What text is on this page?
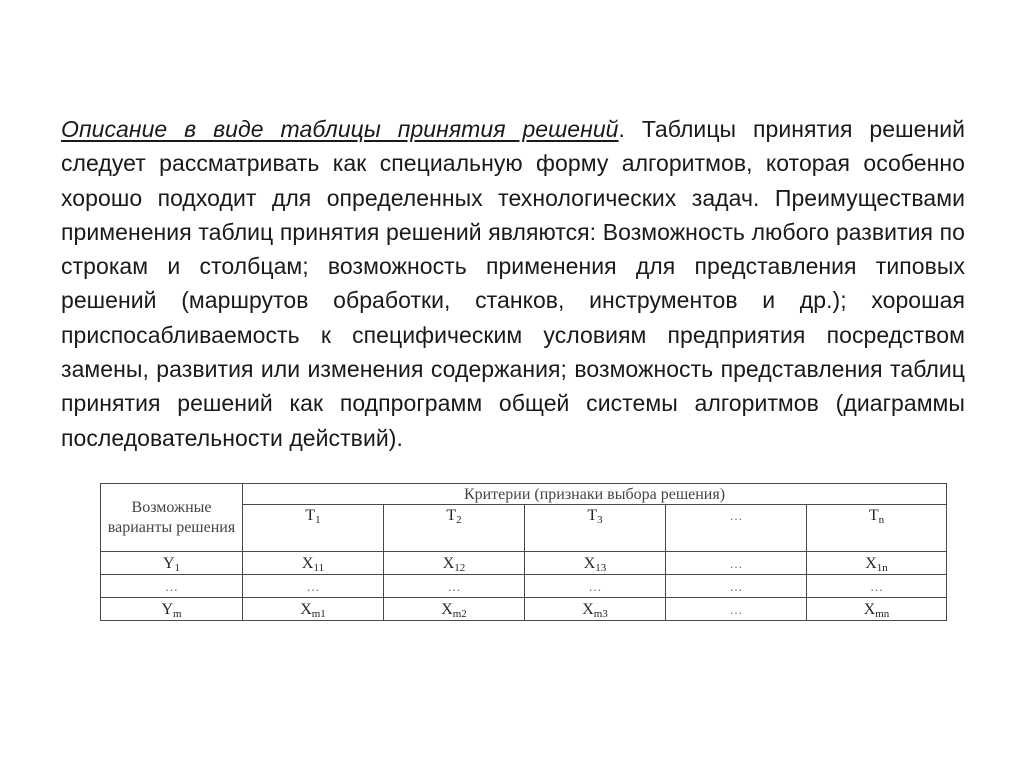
Описание в виде таблицы принятия решений. Таблицы принятия решений следует рассматривать как специальную форму алгоритмов, которая особенно хорошо подходит для определенных технологических задач. Преимуществами применения таблиц принятия решений являются: Возможность любого развития по строкам и столбцам; возможность применения для представления типовых решений (маршрутов обработки, станков, инструментов и др.); хорошая приспосабливаемость к специфическим условиям предприятия посредством замены, развития или изменения содержания; возможность представления таблиц принятия решений как подпрограмм общей системы алгоритмов (диаграммы последовательности действий).

Возможные варианты решения	Критерии (признаки выбора решения)				
	$T_1$	$T_2$	$T_3$	…	$T_n$
$Y_1$	$X_{11}$	$X_{12}$	$X_{13}$	…	$X_{1n}$
…	…	…	…	…	…
$Y_m$	$X_{m1}$	$X_{m2}$	$X_{m3}$	…	$X_{mn}$
